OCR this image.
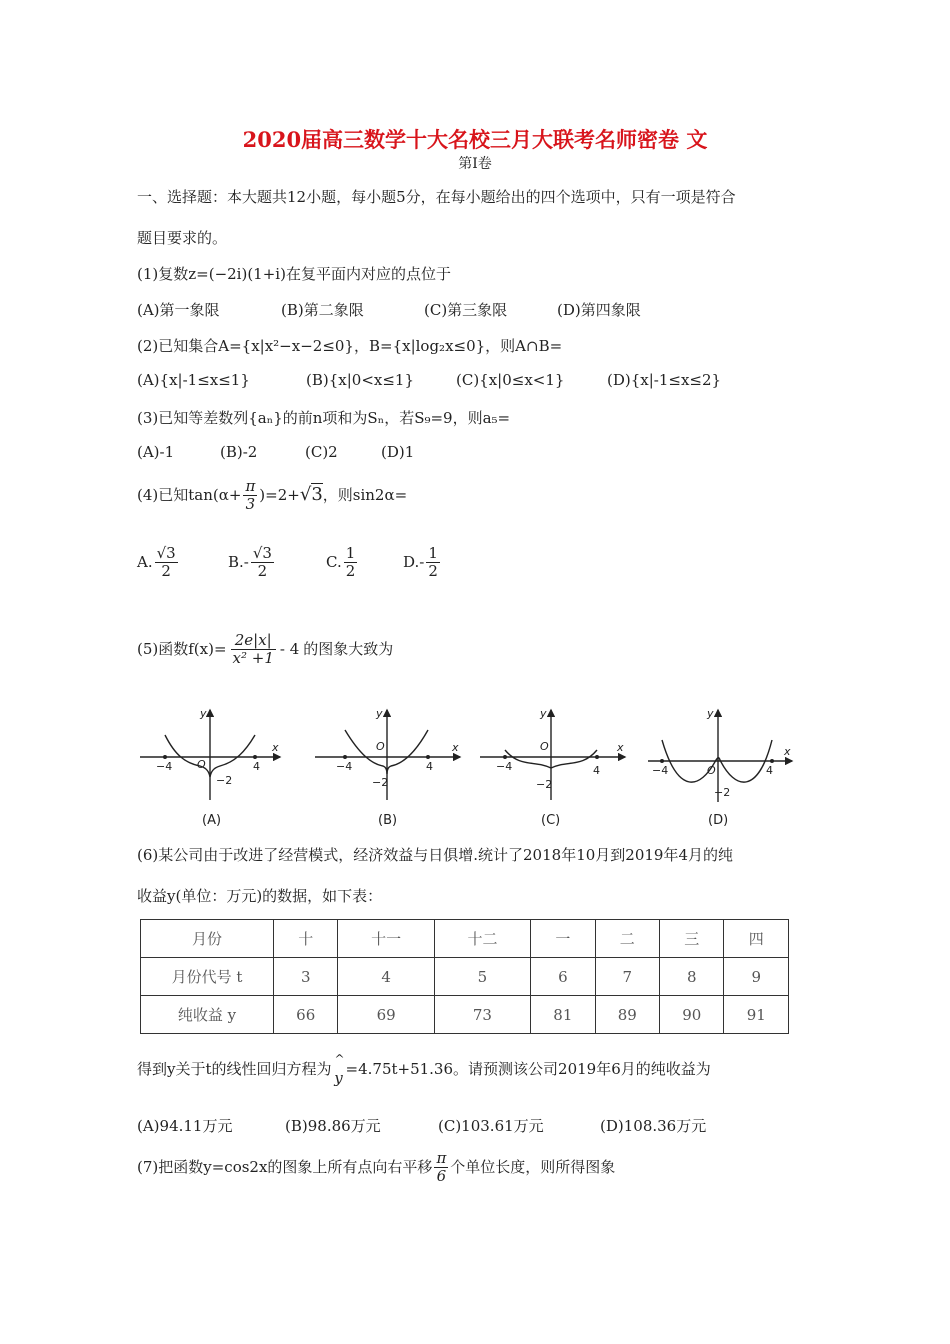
2020届高三数学十大名校三月大联考名师密卷 文
第Ⅰ卷
一、选择题：本大题共12小题，每小题5分，在每小题给出的四个选项中，只有一项是符合
题目要求的。
(1)复数z=(−2i)(1+i)在复平面内对应的点位于
(A)第一象限	(B)第二象限	(C)第三象限	(D)第四象限
(2)已知集合A={x|x²−x−2≤0}，B={x|log₂x≤0}，则A∩B=
(A){x|-1≤x≤1}	(B){x|0<x≤1}	(C){x|0≤x<1}	(D){x|-1≤x≤2}
(3)已知等差数列{aₙ}的前n项和为Sₙ，若S₉=9，则a₅=
(A)-1	(B)-2	(C)2	(D)1
(4)已知$\tan(\alpha+ \frac{\pi}{3} )=2+√3$，则sin2α=
A. $\frac{√3}{2}$	$B.- \frac{√3}{2}$	C. $\frac{1}{2}$	$D.- \frac{1}{2}$
(5)函数$f(x)= \frac{2e|x|}{\text{x² +1}} - 4$ 的图象大致为
y
x
O
−4	4
−2
(A)
y
x
O
−4	4
−2
(B)
y
x
O
−4	4
−2
(C)
y
x
O
−4	4
−2
(D)
(6)某公司由于改进了经营模式，经济效益与日俱增.统计了2018年10月到2019年4月的纯
收益y(单位：万元)的数据，如下表：
月份	十	十一	十二	一	二	三	四
月份代号 t	3	4	5	6	7	8	9
纯收益 y	66	69	73	81	89	90	91
得到y关于t的线性回归方程为
^
y =4.75t+51.36。请预测该公司2019年6月的纯收益为
(A)94.11万元	(B)98.86万元	(C)103.61万元	(D)108.36万元
(7)把函数y=cos2x的图象上所有点向右平移 $\frac{\pi}{6}$ 个单位长度，则所得图象
